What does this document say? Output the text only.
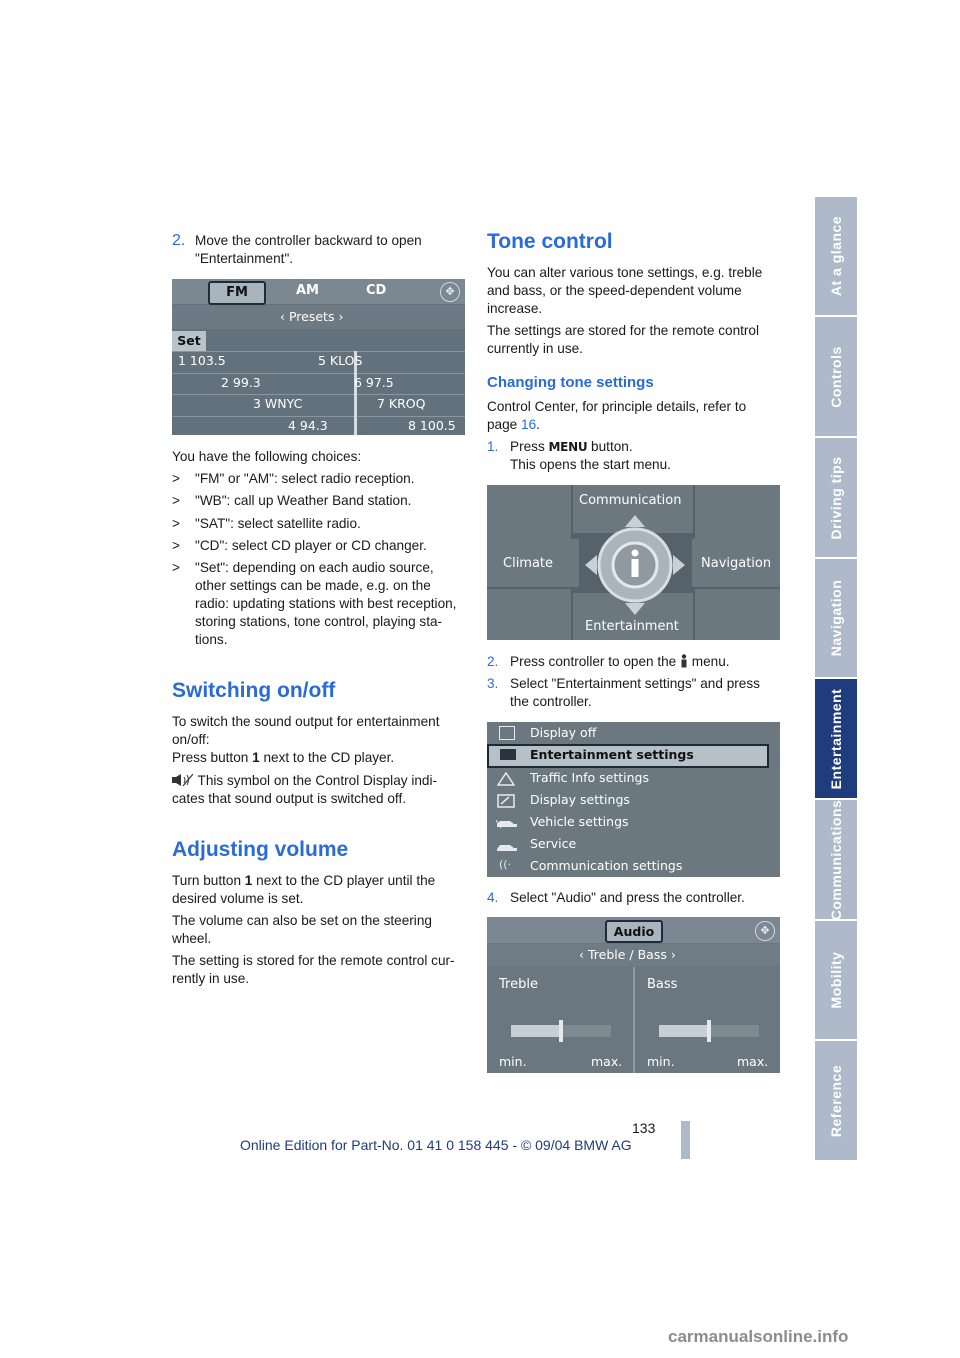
At a glance
Controls
Driving tips
Navigation
Entertainment
Communications
Mobility
Reference
2. Move the controller backward to open
"Entertainment".
FM	AM	CD	✥
‹ Presets ›
Set
1 103.5	5 KLOS
2 99.3	6 97.5
3 WNYC	7 KROQ
4 94.3	8 100.5
You have the following choices:
> "FM" or "AM": select radio reception.
> "WB": call up Weather Band station.
> "SAT": select satellite radio.
> "CD": select CD player or CD changer.
> "Set": depending on each audio source,
other settings can be made, e.g. on the
radio: updating stations with best reception,
storing stations, tone control, playing sta-
tions.
Switching on/off
To switch the sound output for entertainment
on/off:
Press button 1 next to the CD player.
This symbol on the Control Display indi-
cates that sound output is switched off.
Adjusting volume
Turn button 1 next to the CD player until the
desired volume is set.
The volume can also be set on the steering
wheel.
The setting is stored for the remote control cur-
rently in use.
Tone control
You can alter various tone settings, e.g. treble
and bass, or the speed-dependent volume
increase.
The settings are stored for the remote control
currently in use.
Changing tone settings
Control Center, for principle details, refer to
page 16.
1. Press MENU button.
This opens the start menu.
Communication
Climate	Navigation
Entertainment
2. Press controller to open the  menu.
3. Select "Entertainment settings" and press
the controller.
Display off
Entertainment settings
Traffic Info settings
Display settings
Vehicle settings
Service
((· Communication settings
4. Select "Audio" and press the controller.
Audio	✥
‹ Treble / Bass ›
Treble	Bass
min.	max. min.	max.
133
Online Edition for Part-No. 01 41 0 158 445 - © 09/04 BMW AG
carmanualsonline.info
